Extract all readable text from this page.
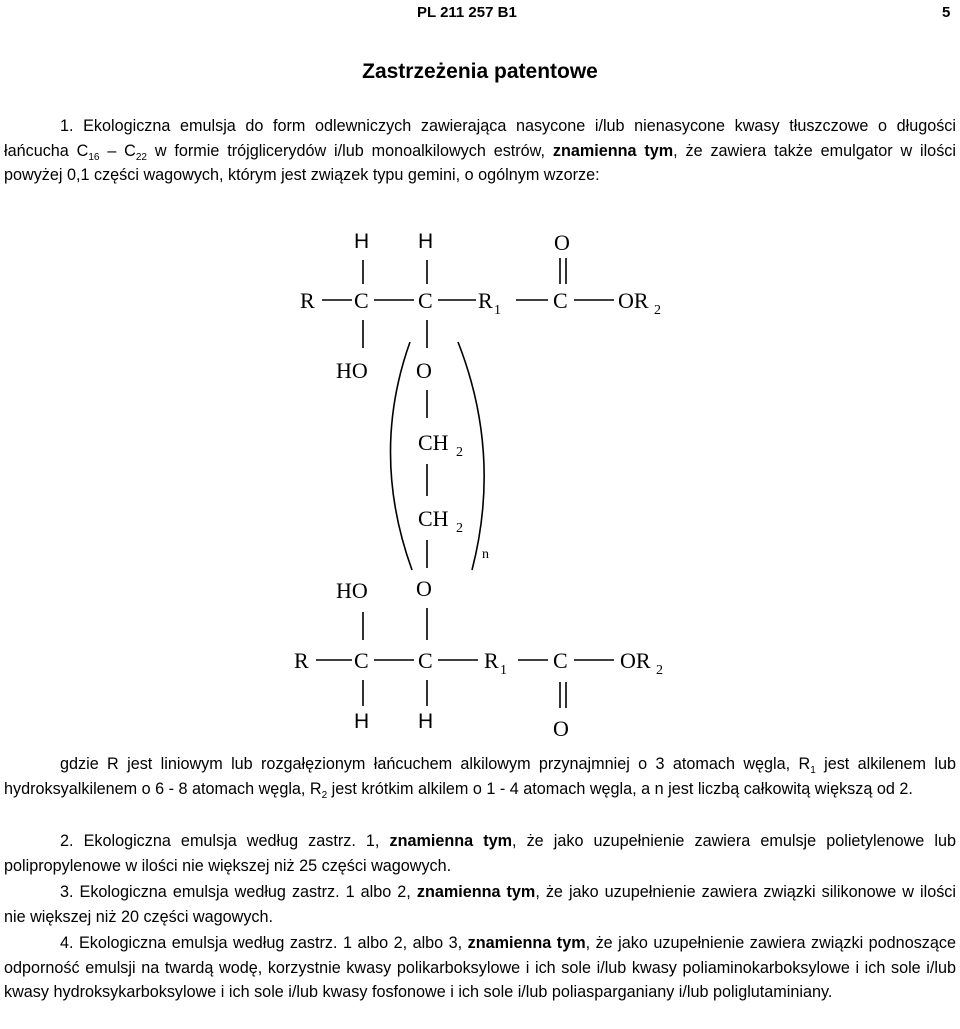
PL 211 257 B1	5
Zastrzeżenia patentowe
1. Ekologiczna emulsja do form odlewniczych zawierająca nasycone i/lub nienasycone kwasy tłuszczowe o długości łańcucha $C_{16} - C_{22}$ w formie trójglicerydów i/lub monoalkilowych estrów, znamienna tym, że zawiera także emulgator w ilości powyżej 0,1 części wagowych, którym jest związek typu gemini, o ogólnym wzorze:
H H	O
R C C R 1 C OR 2
HO O
CH 2
CH 2
n
O
HO
R C C R 1 C OR 2
H H	O
gdzie R jest liniowym lub rozgałęzionym łańcuchem alkilowym przynajmniej o 3 atomach węgla, $R_1$ jest alkilenem lub hydroksyalkilenem o 6 - 8 atomach węgla, $R_2$ jest krótkim alkilem o 1 - 4 atomach węgla, a n jest liczbą całkowitą większą od 2.
2. Ekologiczna emulsja według zastrz. 1, znamienna tym, że jako uzupełnienie zawiera emulsje polietylenowe lub polipropylenowe w ilości nie większej niż 25 części wagowych.
3. Ekologiczna emulsja według zastrz. 1 albo 2, znamienna tym, że jako uzupełnienie zawiera związki silikonowe w ilości nie większej niż 20 części wagowych.
4. Ekologiczna emulsja według zastrz. 1 albo 2, albo 3, znamienna tym, że jako uzupełnienie zawiera związki podnoszące odporność emulsji na twardą wodę, korzystnie kwasy polikarboksylowe i ich sole i/lub kwasy poliaminokarboksylowe i ich sole i/lub kwasy hydroksykarboksylowe i ich sole i/lub kwasy fosfonowe i ich sole i/lub poliasparganiany i/lub poliglutaminiany.
